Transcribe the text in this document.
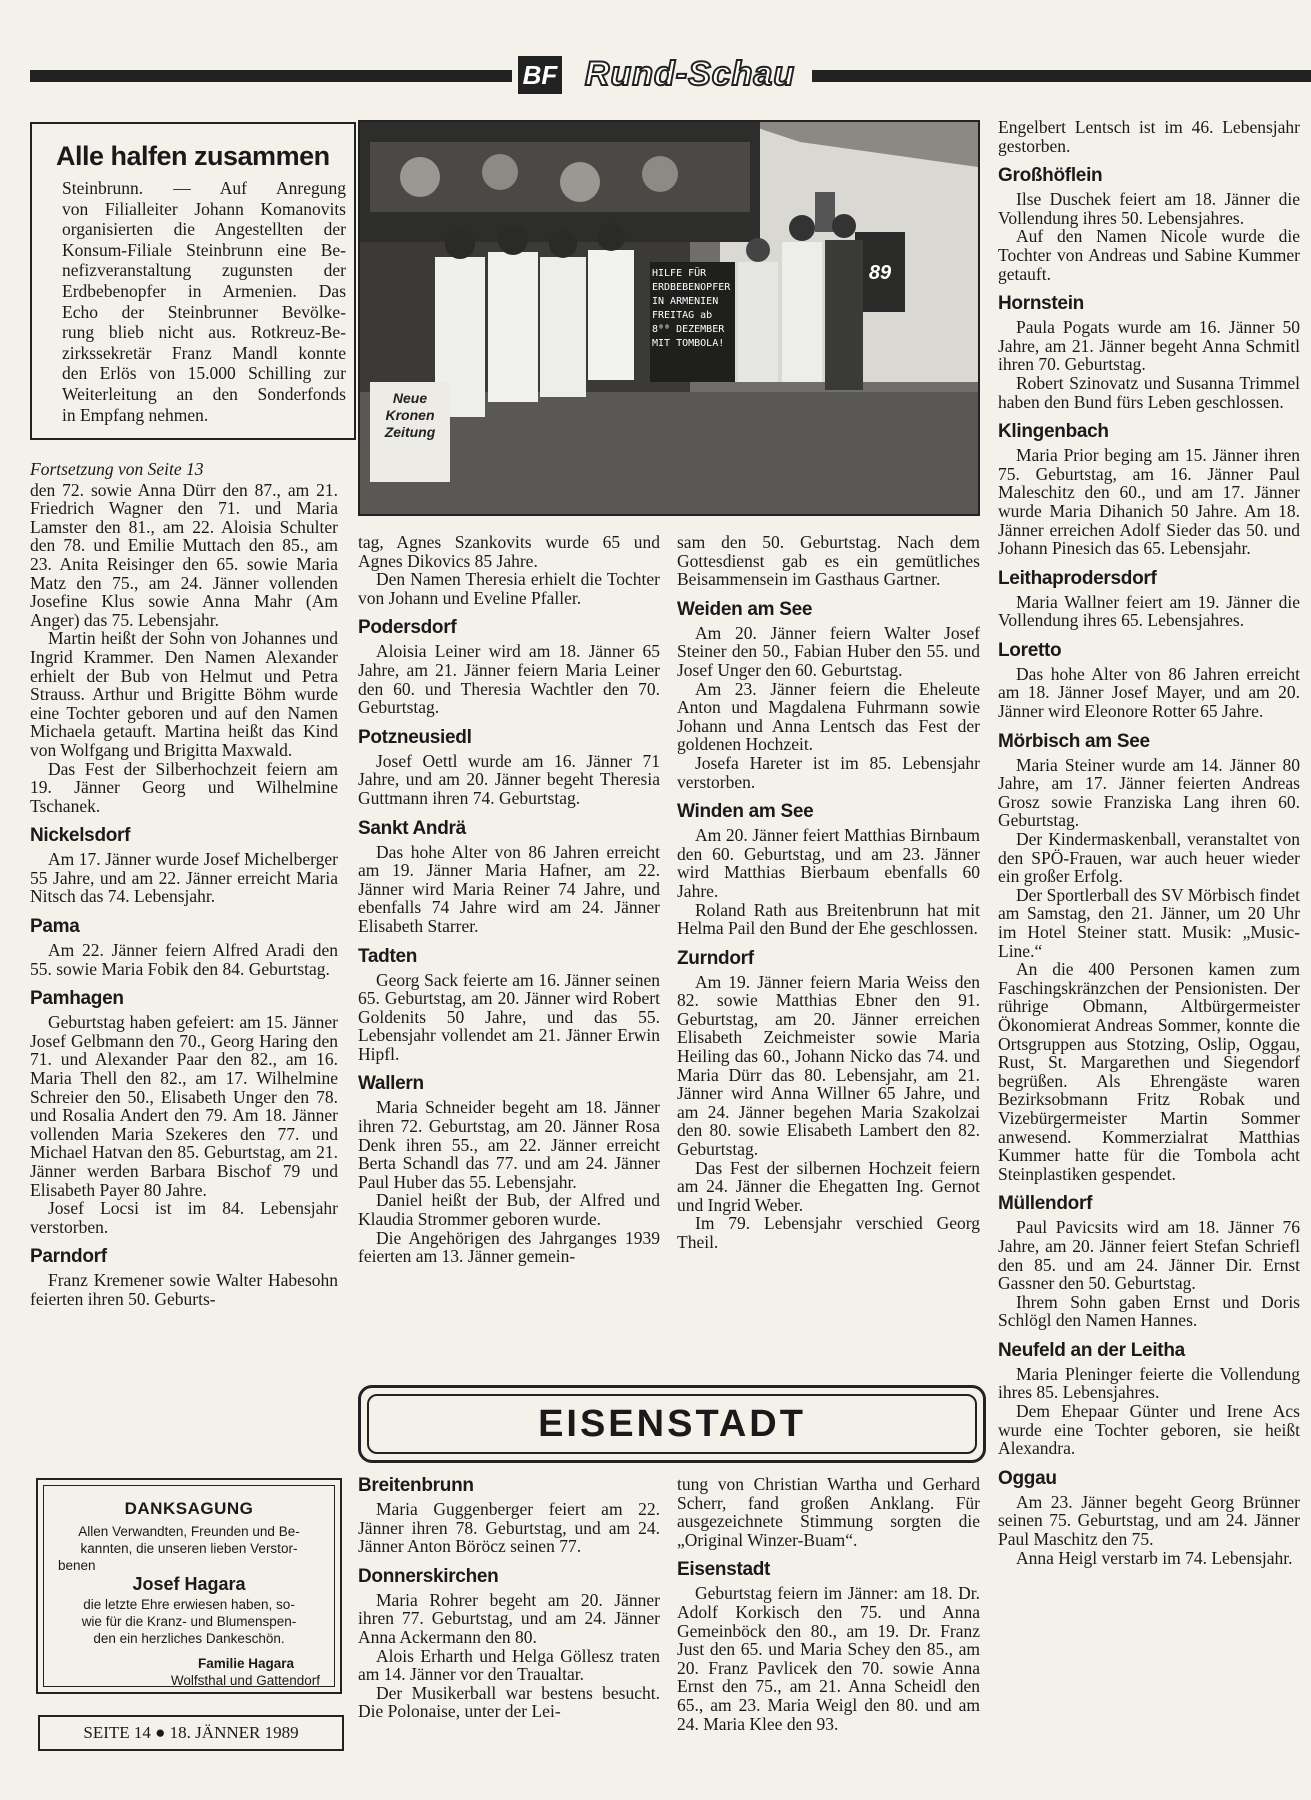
BF Rund-Schau
Alle halfen zusammen
Steinbrunn. — Auf Anregung
von Filialleiter Johann Komanovits
organisierten die Angestellten der
Konsum-Filiale Steinbrunn eine Be-
nefizveranstaltung zugunsten der
Erdbebenopfer in Armenien. Das
Echo der Steinbrunner Bevölke-
rung blieb nicht aus. Rotkreuz-Be-
zirkssekretär Franz Mandl konnte
den Erlös von 15.000 Schilling zur
Weiterleitung an den Sonderfonds
in Empfang nehmen.
HILFE FÜR
ERDBEBENOPFER
IN ARMENIEN
FREITAG ab 8⁰⁰ DEZEMBER
MIT TOMBOLA!
Neue
Kronen
Zeitung
89
Fortsetzung von Seite 13

den 72. sowie Anna Dürr den 87., am 21. Friedrich Wagner den 71. und Maria Lamster den 81., am 22. Aloisia Schulter den 78. und Emilie Muttach den 85., am 23. Anita Reisinger den 65. sowie Maria Matz den 75., am 24. Jänner vollenden Josefine Klus sowie Anna Mahr (Am Anger) das 75. Lebensjahr.

Martin heißt der Sohn von Johannes und Ingrid Krammer. Den Namen Alexander erhielt der Bub von Helmut und Petra Strauss. Arthur und Brigitte Böhm wurde eine Tochter geboren und auf den Namen Michaela getauft. Martina heißt das Kind von Wolfgang und Brigitta Maxwald.

Das Fest der Silberhochzeit feiern am 19. Jänner Georg und Wilhelmine Tschanek.

Nickelsdorf

Am 17. Jänner wurde Josef Michelberger 55 Jahre, und am 22. Jänner erreicht Maria Nitsch das 74. Lebensjahr.

Pama

Am 22. Jänner feiern Alfred Aradi den 55. sowie Maria Fobik den 84. Geburtstag.

Pamhagen

Geburtstag haben gefeiert: am 15. Jänner Josef Gelbmann den 70., Georg Haring den 71. und Alexander Paar den 82., am 16. Maria Thell den 82., am 17. Wilhelmine Schreier den 50., Elisabeth Unger den 78. und Rosalia Andert den 79. Am 18. Jänner vollenden Maria Szekeres den 77. und Michael Hatvan den 85. Geburtstag, am 21. Jänner werden Barbara Bischof 79 und Elisabeth Payer 80 Jahre.

Josef Locsi ist im 84. Lebensjahr verstorben.

Parndorf

Franz Kremener sowie Walter Habesohn feierten ihren 50. Geburts-

tag, Agnes Szankovits wurde 65 und Agnes Dikovics 85 Jahre.

Den Namen Theresia erhielt die Tochter von Johann und Eveline Pfaller.

Podersdorf

Aloisia Leiner wird am 18. Jänner 65 Jahre, am 21. Jänner feiern Maria Leiner den 60. und Theresia Wachtler den 70. Geburtstag.

Potzneusiedl

Josef Oettl wurde am 16. Jänner 71 Jahre, und am 20. Jänner begeht Theresia Guttmann ihren 74. Geburtstag.

Sankt Andrä

Das hohe Alter von 86 Jahren erreicht am 19. Jänner Maria Hafner, am 22. Jänner wird Maria Reiner 74 Jahre, und ebenfalls 74 Jahre wird am 24. Jänner Elisabeth Starrer.

Tadten

Georg Sack feierte am 16. Jänner seinen 65. Geburtstag, am 20. Jänner wird Robert Goldenits 50 Jahre, und das 55. Lebensjahr vollendet am 21. Jänner Erwin Hipfl.

Wallern

Maria Schneider begeht am 18. Jänner ihren 72. Geburtstag, am 20. Jänner Rosa Denk ihren 55., am 22. Jänner erreicht Berta Schandl das 77. und am 24. Jänner Paul Huber das 55. Lebensjahr.

Daniel heißt der Bub, der Alfred und Klaudia Strommer geboren wurde.

Die Angehörigen des Jahrganges 1939 feierten am 13. Jänner gemein-

sam den 50. Geburtstag. Nach dem Gottesdienst gab es ein gemütliches Beisammensein im Gasthaus Gartner.

Weiden am See

Am 20. Jänner feiern Walter Josef Steiner den 50., Fabian Huber den 55. und Josef Unger den 60. Geburtstag.

Am 23. Jänner feiern die Eheleute Anton und Magdalena Fuhrmann sowie Johann und Anna Lentsch das Fest der goldenen Hochzeit.

Josefa Hareter ist im 85. Lebensjahr verstorben.

Winden am See

Am 20. Jänner feiert Matthias Birnbaum den 60. Geburtstag, und am 23. Jänner wird Matthias Bierbaum ebenfalls 60 Jahre.

Roland Rath aus Breitenbrunn hat mit Helma Pail den Bund der Ehe geschlossen.

Zurndorf

Am 19. Jänner feiern Maria Weiss den 82. sowie Matthias Ebner den 91. Geburtstag, am 20. Jänner erreichen Elisabeth Zeichmeister sowie Maria Heiling das 60., Johann Nicko das 74. und Maria Dürr das 80. Lebensjahr, am 21. Jänner wird Anna Willner 65 Jahre, und am 24. Jänner begehen Maria Szakolzai den 80. sowie Elisabeth Lambert den 82. Geburtstag.

Das Fest der silbernen Hochzeit feiern am 24. Jänner die Ehegatten Ing. Gernot und Ingrid Weber.

Im 79. Lebensjahr verschied Georg Theil.

Engelbert Lentsch ist im 46. Lebensjahr gestorben.

Großhöflein

Ilse Duschek feiert am 18. Jänner die Vollendung ihres 50. Lebensjahres.

Auf den Namen Nicole wurde die Tochter von Andreas und Sabine Kummer getauft.

Hornstein

Paula Pogats wurde am 16. Jänner 50 Jahre, am 21. Jänner begeht Anna Schmitl ihren 70. Geburtstag.

Robert Szinovatz und Susanna Trimmel haben den Bund fürs Leben geschlossen.

Klingenbach

Maria Prior beging am 15. Jänner ihren 75. Geburtstag, am 16. Jänner Paul Maleschitz den 60., und am 17. Jänner wurde Maria Dihanich 50 Jahre. Am 18. Jänner erreichen Adolf Sieder das 50. und Johann Pinesich das 65. Lebensjahr.

Leithaprodersdorf

Maria Wallner feiert am 19. Jänner die Vollendung ihres 65. Lebensjahres.

Loretto

Das hohe Alter von 86 Jahren erreicht am 18. Jänner Josef Mayer, und am 20. Jänner wird Eleonore Rotter 65 Jahre.

Mörbisch am See

Maria Steiner wurde am 14. Jänner 80 Jahre, am 17. Jänner feierten Andreas Grosz sowie Franziska Lang ihren 60. Geburtstag.

Der Kindermaskenball, veranstaltet von den SPÖ-Frauen, war auch heuer wieder ein großer Erfolg.

Der Sportlerball des SV Mörbisch findet am Samstag, den 21. Jänner, um 20 Uhr im Hotel Steiner statt. Musik: „Music-Line.“

An die 400 Personen kamen zum Faschingskränzchen der Pensionisten. Der rührige Obmann, Altbürgermeister Ökonomierat Andreas Sommer, konnte die Ortsgruppen aus Stotzing, Oslip, Oggau, Rust, St. Margarethen und Siegendorf begrüßen. Als Ehrengäste waren Bezirksobmann Fritz Robak und Vizebürgermeister Martin Sommer anwesend. Kommerzialrat Matthias Kummer hatte für die Tombola acht Steinplastiken gespendet.

Müllendorf

Paul Pavicsits wird am 18. Jänner 76 Jahre, am 20. Jänner feiert Stefan Schriefl den 85. und am 24. Jänner Dir. Ernst Gassner den 50. Geburtstag.

Ihrem Sohn gaben Ernst und Doris Schlögl den Namen Hannes.

Neufeld an der Leitha

Maria Pleninger feierte die Vollendung ihres 85. Lebensjahres.

Dem Ehepaar Günter und Irene Acs wurde eine Tochter geboren, sie heißt Alexandra.

Oggau

Am 23. Jänner begeht Georg Brünner seinen 75. Geburtstag, und am 24. Jänner Paul Maschitz den 75.

Anna Heigl verstarb im 74. Lebensjahr.

EISENSTADT
Breitenbrunn

Maria Guggenberger feiert am 22. Jänner ihren 78. Geburtstag, und am 24. Jänner Anton Böröcz seinen 77.

Donnerskirchen

Maria Rohrer begeht am 20. Jänner ihren 77. Geburtstag, und am 24. Jänner Anna Ackermann den 80.

Alois Erharth und Helga Göllesz traten am 14. Jänner vor den Traualtar.

Der Musikerball war bestens besucht. Die Polonaise, unter der Lei-

tung von Christian Wartha und Gerhard Scherr, fand großen Anklang. Für ausgezeichnete Stimmung sorgten die „Original Winzer-Buam“.

Eisenstadt

Geburtstag feiern im Jänner: am 18. Dr. Adolf Korkisch den 75. und Anna Gemeinböck den 80., am 19. Dr. Franz Just den 65. und Maria Schey den 85., am 20. Franz Pavlicek den 70. sowie Anna Ernst den 75., am 21. Anna Scheidl den 65., am 23. Maria Weigl den 80. und am 24. Maria Klee den 93.

DANKSAGUNG
Allen Verwandten, Freunden und Be-
kannten, die unseren lieben Verstor-
benen
Josef Hagara
die letzte Ehre erwiesen haben, so-
wie für die Kranz- und Blumenspen-
den ein herzliches Dankeschön.
Familie Hagara
Wolfsthal und Gattendorf
SEITE 14 ● 18. JÄNNER 1989
